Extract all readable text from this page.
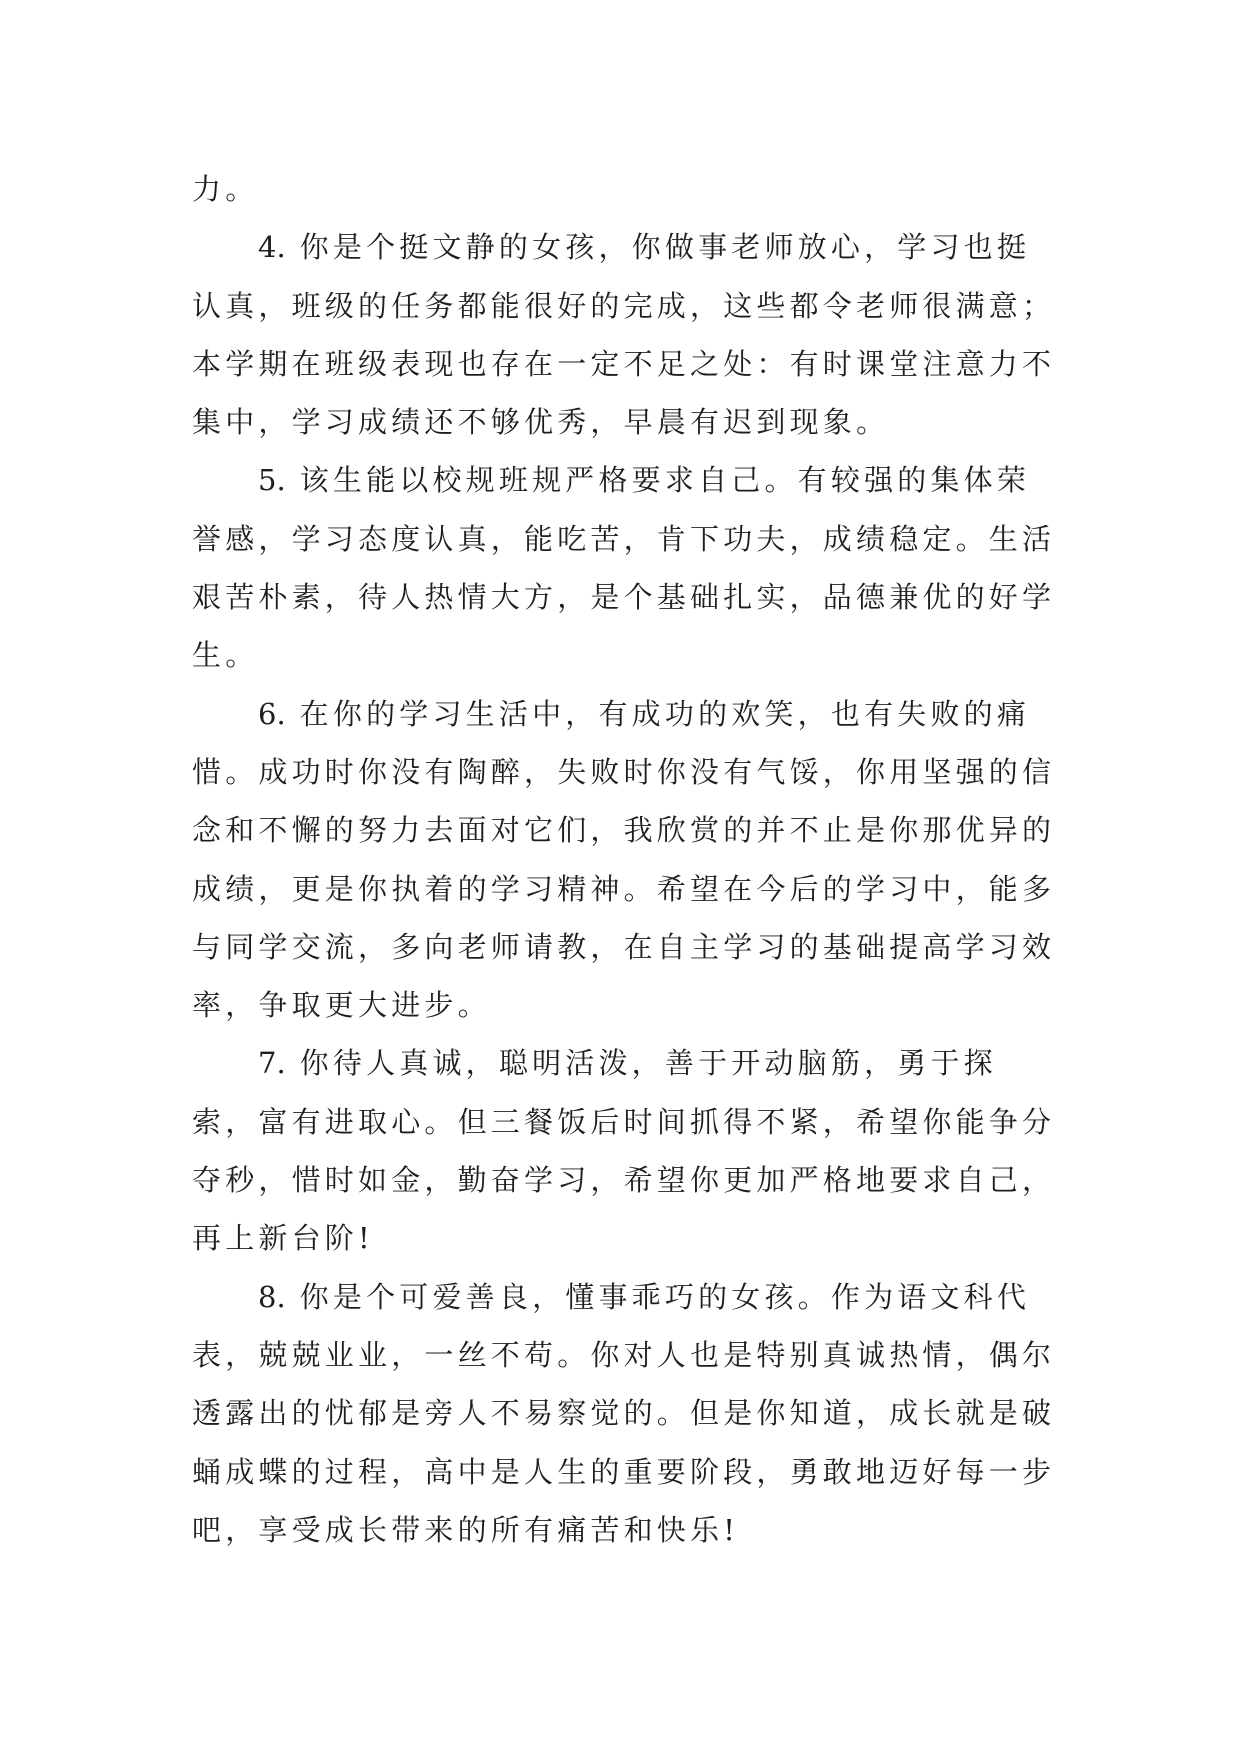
力。

4. 你是个挺文静的女孩，你做事老师放心，学习也挺认真，班级的任务都能很好的完成，这些都令老师很满意；本学期在班级表现也存在一定不足之处：有时课堂注意力不集中，学习成绩还不够优秀，早晨有迟到现象。

5. 该生能以校规班规严格要求自己。有较强的集体荣誉感，学习态度认真，能吃苦，肯下功夫，成绩稳定。生活艰苦朴素，待人热情大方，是个基础扎实，品德兼优的好学生。

6. 在你的学习生活中，有成功的欢笑，也有失败的痛惜。成功时你没有陶醉，失败时你没有气馁，你用坚强的信念和不懈的努力去面对它们，我欣赏的并不止是你那优异的成绩，更是你执着的学习精神。希望在今后的学习中，能多与同学交流，多向老师请教，在自主学习的基础提高学习效率，争取更大进步。

7. 你待人真诚，聪明活泼，善于开动脑筋，勇于探索，富有进取心。但三餐饭后时间抓得不紧，希望你能争分夺秒，惜时如金，勤奋学习，希望你更加严格地要求自己，再上新台阶!

8. 你是个可爱善良，懂事乖巧的女孩。作为语文科代表，兢兢业业，一丝不苟。你对人也是特别真诚热情，偶尔透露出的忧郁是旁人不易察觉的。但是你知道，成长就是破蛹成蝶的过程，高中是人生的重要阶段，勇敢地迈好每一步吧，享受成长带来的所有痛苦和快乐!
